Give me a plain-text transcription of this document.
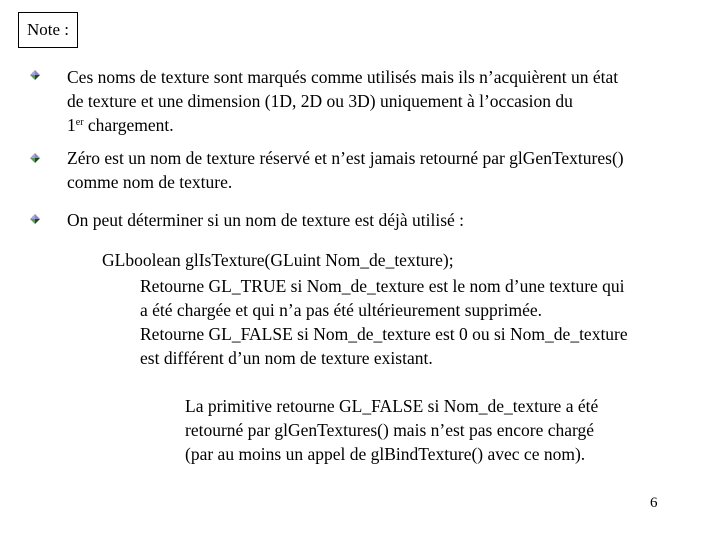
Note :
Ces noms de texture sont marqués comme utilisés mais ils n’acquièrent un état
de texture et une dimension (1D, 2D ou 3D) uniquement à l’occasion du
1er chargement.
Zéro est un nom de texture réservé et n’est jamais retourné par glGenTextures()
comme nom de texture.
On peut déterminer si un nom de texture est déjà utilisé :
GLboolean glIsTexture(GLuint Nom_de_texture);
Retourne GL_TRUE si Nom_de_texture est le nom d’une texture qui
a été chargée et qui n’a pas été ultérieurement supprimée.
Retourne GL_FALSE si Nom_de_texture est 0 ou si Nom_de_texture
est différent d’un nom de texture existant.
La primitive retourne GL_FALSE si Nom_de_texture a été
retourné par glGenTextures() mais n’est pas encore chargé
(par au moins un appel de glBindTexture() avec ce nom).
6
